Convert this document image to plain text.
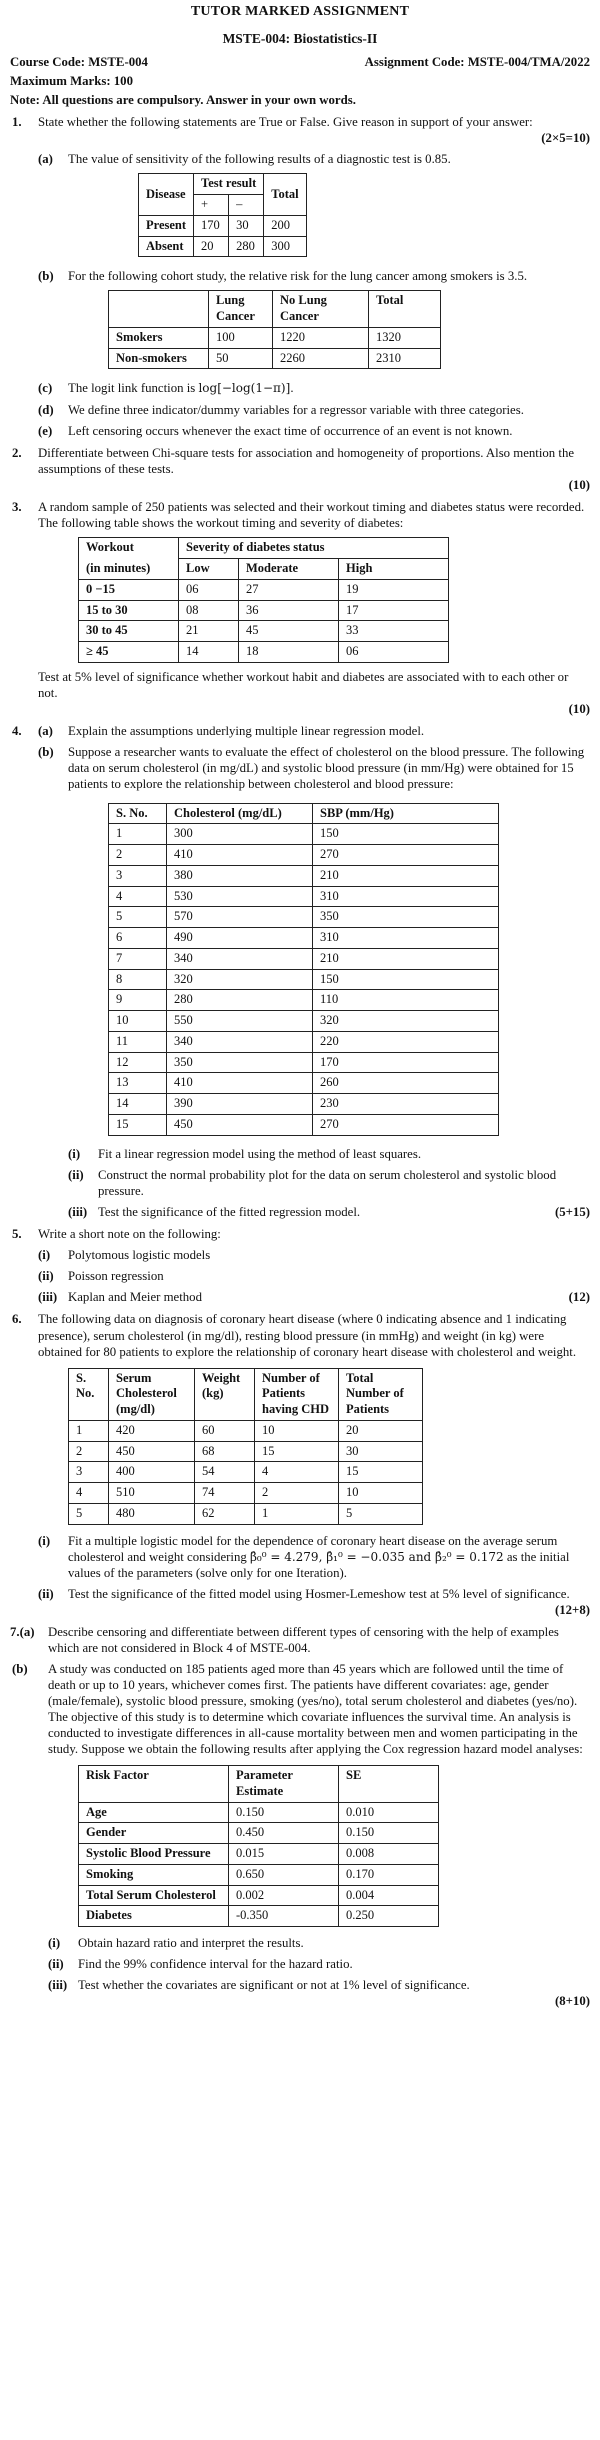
TUTOR MARKED ASSIGNMENT
MSTE-004: Biostatistics-II
Course Code: MSTE-004	Assignment Code: MSTE-004/TMA/2022
Maximum Marks: 100
Note: All questions are compulsory. Answer in your own words.
1.	State whether the following statements are True or False. Give reason in support of your answer:
(2×5=10)
(a)	The value of sensitivity of the following results of a diagnostic test is 0.85.
Disease	Test result		Total
	+	–	
Present	170	30	200
Absent	20	280	300
(b)	For the following cohort study, the relative risk for the lung cancer among smokers is 3.5.
	Lung Cancer	No Lung Cancer	Total
Smokers	100	1220	1320
Non-smokers	50	2260	2310
(c)	The logit link function is log[−log(1−π)].
(d)	We define three indicator/dummy variables for a regressor variable with three categories.
(e)	Left censoring occurs whenever the exact time of occurrence of an event is not known.
2.	Differentiate between Chi-square tests for association and homogeneity of proportions. Also mention the assumptions of these tests.
(10)
3.	A random sample of 250 patients was selected and their workout timing and diabetes status were recorded. The following table shows the workout timing and severity of diabetes:
Workout	Severity of diabetes status		
(in minutes)	Low	Moderate	High
0 −15	06	27	19
15 to 30	08	36	17
30 to 45	21	45	33
≥ 45	14	18	06
Test at 5% level of significance whether workout habit and diabetes are associated with to each other or not.
(10)
4.	(a)	Explain the assumptions underlying multiple linear regression model.
(b)	Suppose a researcher wants to evaluate the effect of cholesterol on the blood pressure. The following data on serum cholesterol (in mg/dL) and systolic blood pressure (in mm/Hg) were obtained for 15 patients to explore the relationship between cholesterol and blood pressure:
S. No.	Cholesterol (mg/dL)	SBP (mm/Hg)
1	300	150
2	410	270
3	380	210
4	530	310
5	570	350
6	490	310
7	340	210
8	320	150
9	280	110
10	550	320
11	340	220
12	350	170
13	410	260
14	390	230
15	450	270
(i)	Fit a linear regression model using the method of least squares.
(ii)	Construct the normal probability plot for the data on serum cholesterol and systolic blood pressure.
(iii) Test the significance of the fitted regression model.	(5+15)
5.	Write a short note on the following:
(i)	Polytomous logistic models
(ii)	Poisson regression
(iii) Kaplan and Meier method	(12)
6.	The following data on diagnosis of coronary heart disease (where 0 indicating absence and 1 indicating presence), serum cholesterol (in mg/dl), resting blood pressure (in mmHg) and weight (in kg) were obtained for 80 patients to explore the relationship of coronary heart disease with cholesterol and weight.
S. No.	Serum Cholesterol (mg/dl)	Weight (kg)	Number of Patients having CHD	Total Number of Patients
1	420	60	10	20
2	450	68	15	30
3	400	54	4	15
4	510	74	2	10
5	480	62	1	5
(i)	Fit a multiple logistic model for the dependence of coronary heart disease on the average serum cholesterol and weight considering β̂₀⁰ = 4.279, β̂₁⁰ = −0.035 and β̂₂⁰ = 0.172 as the initial values of the parameters (solve only for one Iteration).
(ii)	Test the significance of the fitted model using Hosmer-Lemeshow test at 5% level of significance.
(12+8)
7.(a)	Describe censoring and differentiate between different types of censoring with the help of examples which are not considered in Block 4 of MSTE-004.
(b)	A study was conducted on 185 patients aged more than 45 years which are followed until the time of death or up to 10 years, whichever comes first. The patients have different covariates: age, gender (male/female), systolic blood pressure, smoking (yes/no), total serum cholesterol and diabetes (yes/no). The objective of this study is to determine which covariate influences the survival time. An analysis is conducted to investigate differences in all-cause mortality between men and women participating in the study. Suppose we obtain the following results after applying the Cox regression hazard model analyses:
Risk Factor	Parameter Estimate	SE
Age	0.150	0.010
Gender	0.450	0.150
Systolic Blood Pressure	0.015	0.008
Smoking	0.650	0.170
Total Serum Cholesterol	0.002	0.004
Diabetes	-0.350	0.250
(i)	Obtain hazard ratio and interpret the results.
(ii)	Find the 99% confidence interval for the hazard ratio.
(iii) Test whether the covariates are significant or not at 1% level of significance.
(8+10)
